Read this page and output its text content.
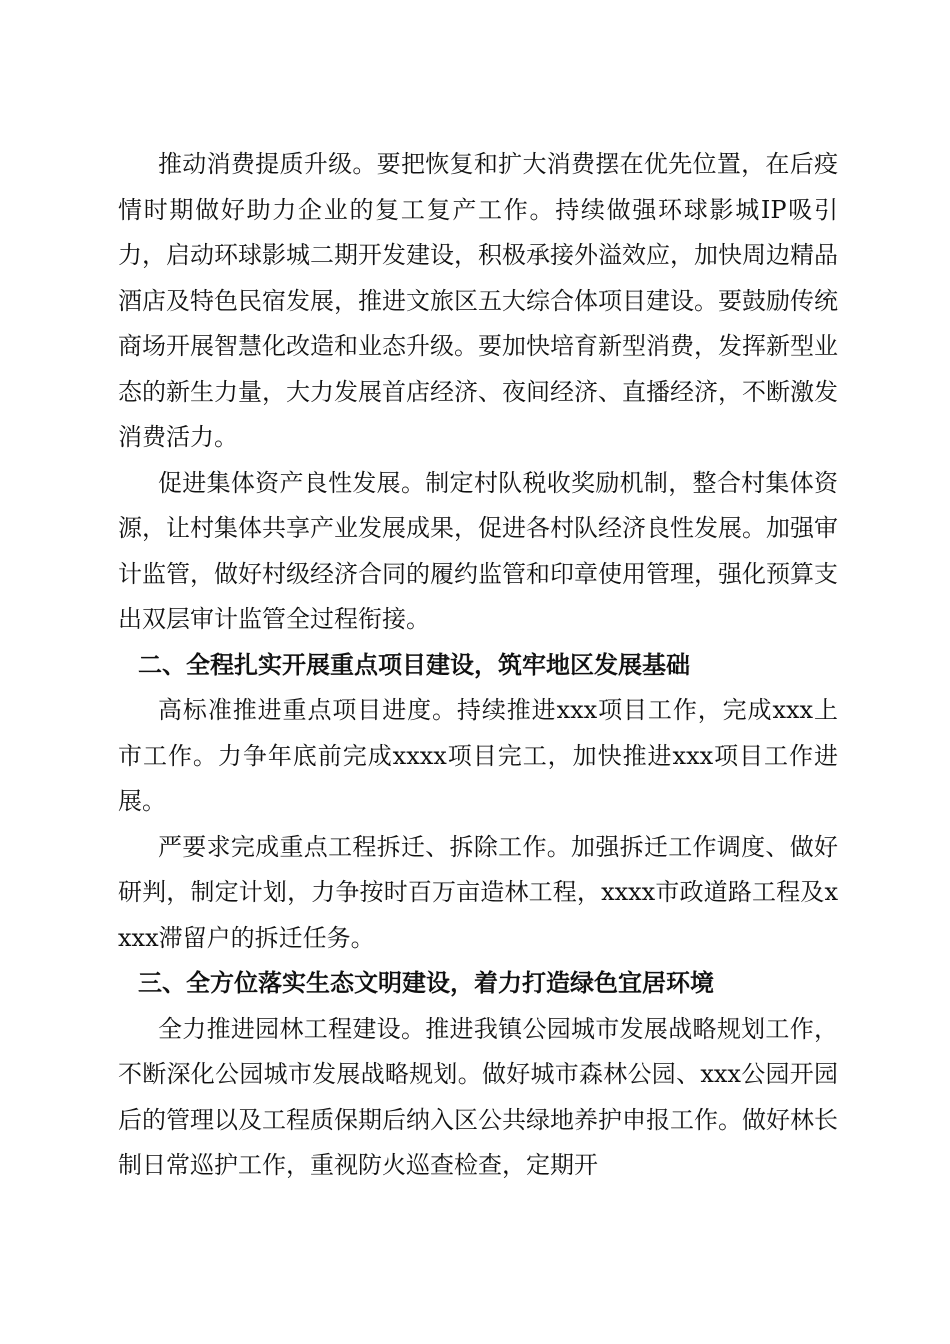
推动消费提质升级。要把恢复和扩大消费摆在优先位置，在后疫情时期做好助力企业的复工复产工作。持续做强环球影城IP吸引力，启动环球影城二期开发建设，积极承接外溢效应，加快周边精品酒店及特色民宿发展，推进文旅区五大综合体项目建设。要鼓励传统商场开展智慧化改造和业态升级。要加快培育新型消费，发挥新型业态的新生力量，大力发展首店经济、夜间经济、直播经济，不断激发消费活力。

促进集体资产良性发展。制定村队税收奖励机制，整合村集体资源，让村集体共享产业发展成果，促进各村队经济良性发展。加强审计监管，做好村级经济合同的履约监管和印章使用管理，强化预算支出双层审计监管全过程衔接。

二、全程扎实开展重点项目建设，筑牢地区发展基础

高标准推进重点项目进度。持续推进xxx项目工作，完成xxx上市工作。力争年底前完成xxxx项目完工，加快推进xxx项目工作进展。

严要求完成重点工程拆迁、拆除工作。加强拆迁工作调度、做好研判，制定计划，力争按时百万亩造林工程，xxxx市政道路工程及xxxx滞留户的拆迁任务。

三、全方位落实生态文明建设，着力打造绿色宜居环境

全力推进园林工程建设。推进我镇公园城市发展战略规划工作，不断深化公园城市发展战略规划。做好城市森林公园、xxx公园开园后的管理以及工程质保期后纳入区公共绿地养护申报工作。做好林长制日常巡护工作，重视防火巡查检查，定期开
